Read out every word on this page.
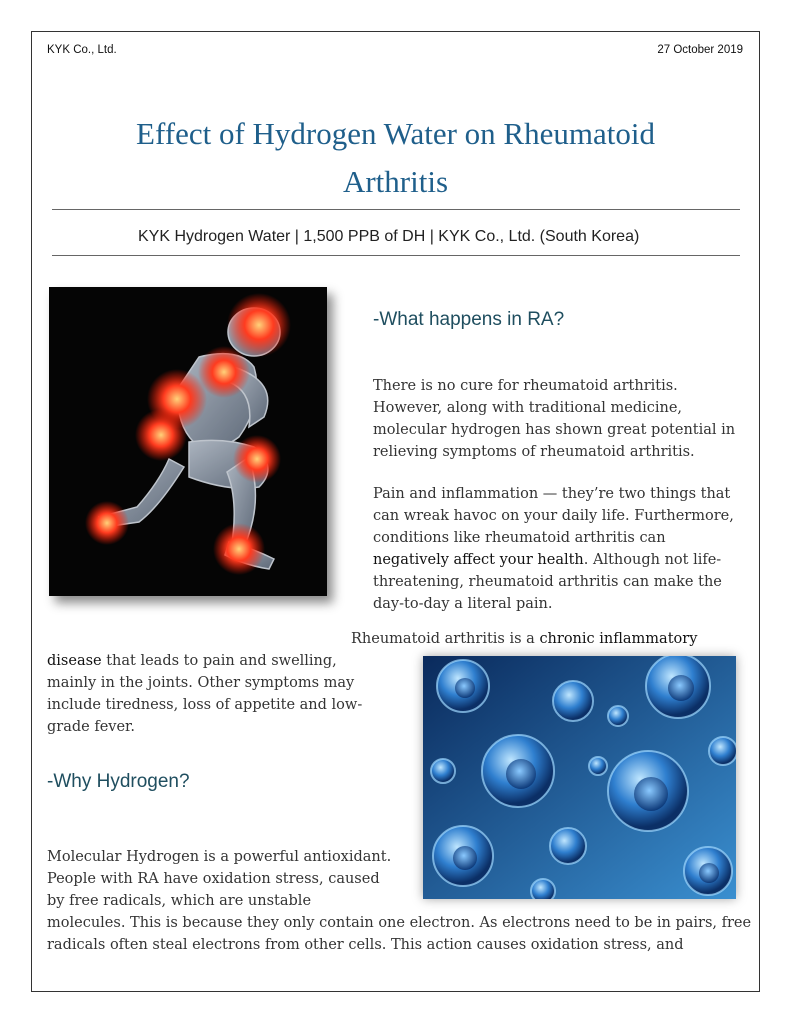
KYK Co., Ltd.	27 October 2019
Effect of Hydrogen Water on Rheumatoid
Arthritis
KYK Hydrogen Water | 1,500 PPB of DH | KYK Co., Ltd. (South Korea)
-What happens in RA?

There is no cure for rheumatoid arthritis. However, along with traditional medicine, molecular hydrogen has shown great potential in relieving symptoms of rheumatoid arthritis.

Pain and inflammation — they’re two things that can wreak havoc on your daily life. Furthermore, conditions like rheumatoid arthritis can negatively affect your health. Although not life-threatening, rheumatoid arthritis can make the day-to-day a literal pain.

Rheumatoid arthritis is a chronic inflammatory

disease that leads to pain and swelling, mainly in the joints. Other symptoms may include tiredness, loss of appetite and low-grade fever.

-Why Hydrogen?

Molecular Hydrogen is a powerful antioxidant. People with RA have oxidation stress, caused by free radicals, which are unstable

molecules. This is because they only contain one electron. As electrons need to be in pairs, free radicals often steal electrons from other cells. This action causes oxidation stress, and
